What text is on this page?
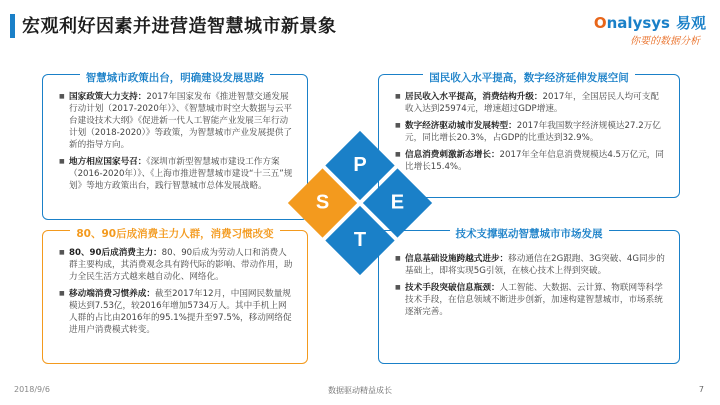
宏观利好因素并进营造智慧城市新景象	Onalysys 易观
你要的数据分析
智慧城市政策出台，明确建设发展思路
■ 国家政策大力支持：2017年国家发布《推进智慧交通发展行动计划（2017-2020年）》、《智慧城市时空大数据与云平台建设技术大纲》《促进新一代人工智能产业发展三年行动计划（2018-2020）》等政策，为智慧城市产业发展提供了新的指导方向。
■ 地方相应国家号召：《深圳市新型智慧城市建设工作方案（2016-2020年）》、《上海市推进智慧城市建设“十三五”规划》等地方政策出台，践行智慧城市总体发展战略。
国民收入水平提高，数字经济延伸发展空间
■ 居民收入水平提高，消费结构升级：2017年，全国居民人均可支配收入达到25974元，增速超过GDP增速。
■ 数字经济驱动城市发展转型：2017年我国数字经济规模达27.2万亿元，同比增长20.3%，占GDP的比重达到32.9%。
■ 信息消费刺激新态增长：2017年全年信息消费规模达4.5万亿元，同比增长15.4%。
80、90后成消费主力人群，消费习惯改变
■ 80、90后成消费主力：80、90后成为劳动人口和消费人群主要构成，其消费观念具有跨代际的影响、带动作用，助力全民生活方式越来越自动化、网络化。
■ 移动端消费习惯养成：截至2017年12月，中国网民数量规模达到7.53亿，较2016年增加5734万人。其中手机上网人群的占比由2016年的95.1%提升至97.5%，移动网络促进用户消费模式转变。
技术支撑驱动智慧城市市场发展
■ 信息基础设施跨越式进步：移动通信在2G跟跑、3G突破、4G同步的基础上，即将实现5G引领，在核心技术上得到突破。
■ 技术手段突破信息瓶颈：人工智能、大数据、云计算、物联网等科学技术手段，在信息领域不断进步创新，加速构建智慧城市，市场系统逐渐完善。
P
E
S
T
2018/9/6	数据驱动精益成长	7
